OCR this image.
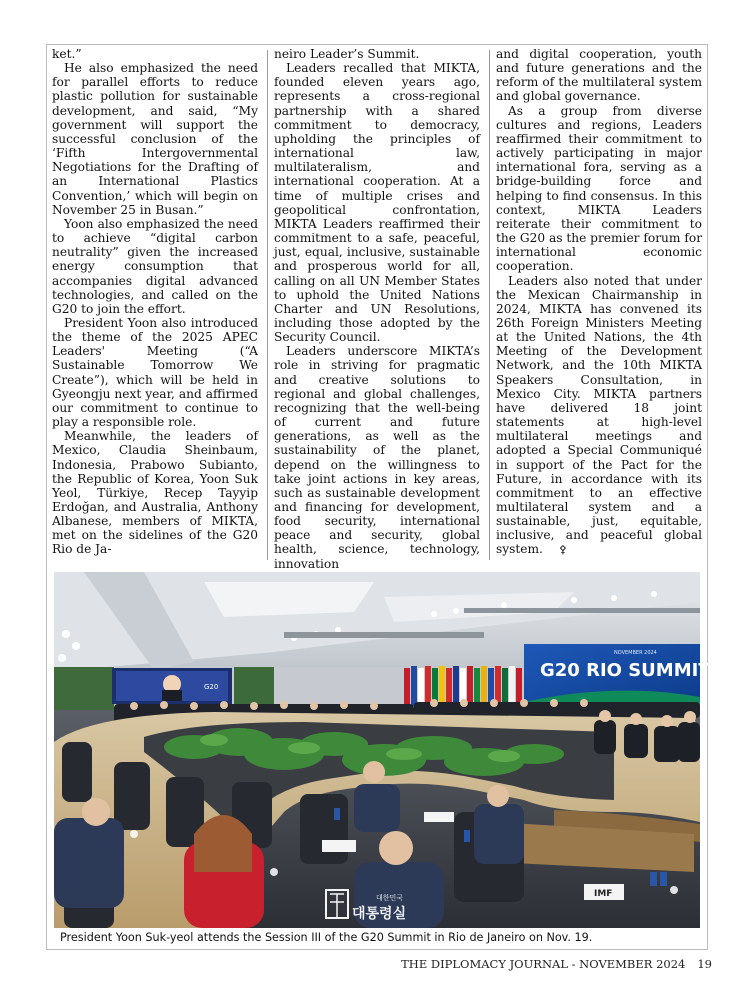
ket.”

He also emphasized the need for parallel efforts to reduce plastic pollution for sustainable development, and said, “My government will support the successful conclusion of the ‘Fifth Intergovernmental Negotiations for the Drafting of an International Plastics Convention,’ which will begin on November 25 in Busan.”

Yoon also emphasized the need to achieve “digital carbon neutrality” given the increased energy consumption that accompanies digital advanced technologies, and called on the G20 to join the effort.

President Yoon also introduced the theme of the 2025 APEC Leaders' Meeting (“A Sustainable Tomorrow We Create”), which will be held in Gyeongju next year, and affirmed our commitment to continue to play a responsible role.

Meanwhile, the leaders of Mexico, Claudia Sheinbaum, Indonesia, Prabowo Subianto, the Republic of Korea, Yoon Suk Yeol, Türkiye, Recep Tayyip Erdoğan, and Australia, Anthony Albanese, members of MIKTA, met on the sidelines of the G20 Rio de Ja-

neiro Leader’s Summit.

Leaders recalled that MIKTA, founded eleven years ago, represents a cross-regional partnership with a shared commitment to democracy, upholding the principles of international law, multilateralism, and international cooperation. At a time of multiple crises and geopolitical confrontation, MIKTA Leaders reaffirmed their commitment to a safe, peaceful, just, equal, inclusive, sustainable and prosperous world for all, calling on all UN Member States to uphold the United Nations Charter and UN Resolutions, including those adopted by the Security Council.

Leaders underscore MIKTA’s role in striving for pragmatic and creative solutions to regional and global challenges, recognizing that the well-being of current and future generations, as well as the sustainability of the planet, depend on the willingness to take joint actions in key areas, such as sustainable development and financing for development, food security, international peace and security, global health, science, technology, innovation

and digital cooperation, youth and future generations and the reform of the multilateral system and global governance.

As a group from diverse cultures and regions, Leaders reaffirmed their commitment to actively participating in major international fora, serving as a bridge-building force and helping to find consensus. In this context, MIKTA Leaders reiterate their commitment to the G20 as the premier forum for international economic cooperation.

Leaders also noted that under the Mexican Chairmanship in 2024, MIKTA has convened its 26th Foreign Ministers Meeting at the United Nations, the 4th Meeting of the Development Network, and the 10th MIKTA Speakers Consultation, in Mexico City. MIKTA partners have delivered 18 joint statements at high-level multilateral meetings and adopted a Special Communiqué in support of the Pact for the Future, in accordance with its commitment to an effective multilateral system and a sustainable, just, equitable, inclusive, and peaceful global system. ⚴

G20
G20 RIO SUMMIT
NOVEMBER 2024
IMF
대한민국
대통령실
President Yoon Suk-yeol attends the Session III of the G20 Summit in Rio de Janeiro on Nov. 19.
THE DIPLOMACY JOURNAL - NOVEMBER 2024 19
